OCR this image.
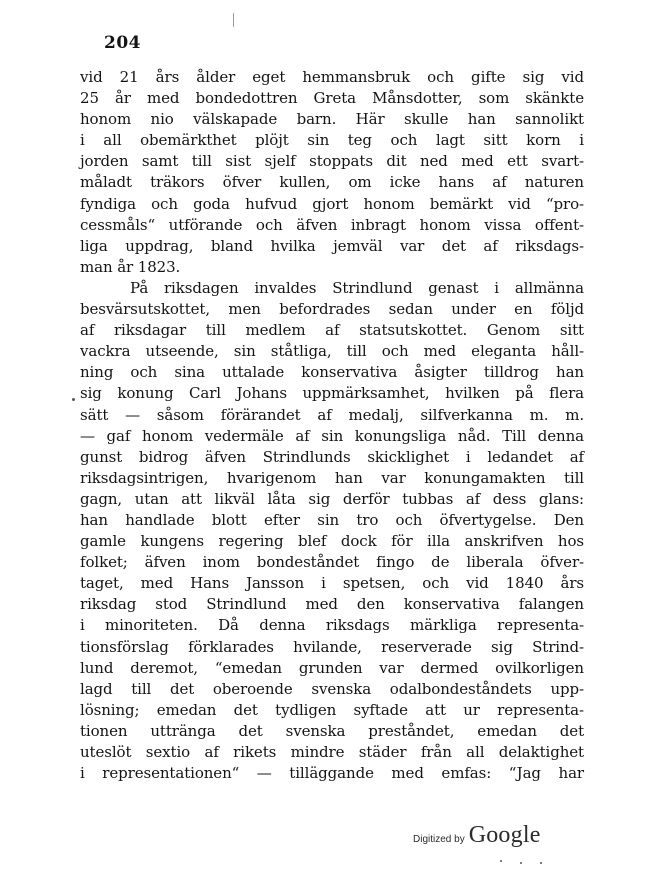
204
vid 21 års ålder eget hemmansbruk och gifte sig vid
25 år med bondedottren Greta Månsdotter, som skänkte
honom nio välskapade barn. Här skulle han sannolikt
i all obemärkthet plöjt sin teg och lagt sitt korn i
jorden samt till sist sjelf stoppats dit ned med ett svart-
måladt träkors öfver kullen, om icke hans af naturen
fyndiga och goda hufvud gjort honom bemärkt vid “pro-
cessmåls“ utförande och äfven inbragt honom vissa offent-
liga uppdrag, bland hvilka jemväl var det af riksdags-
man år 1823.
På riksdagen invaldes Strindlund genast i allmänna
besvärsutskottet, men befordrades sedan under en följd
af riksdagar till medlem af statsutskottet. Genom sitt
vackra utseende, sin ståtliga, till och med eleganta håll-
ning och sina uttalade konservativa åsigter tilldrog han
sig konung Carl Johans uppmärksamhet, hvilken på flera
sätt — såsom förärandet af medalj, silfverkanna m. m.
— gaf honom vedermäle af sin konungsliga nåd. Till denna
gunst bidrog äfven Strindlunds skicklighet i ledandet af
riksdagsintrigen, hvarigenom han var konungamakten till
gagn, utan att likväl låta sig derför tubbas af dess glans:
han handlade blott efter sin tro och öfvertygelse. Den
gamle kungens regering blef dock för illa anskrifven hos
folket; äfven inom bondeståndet fingo de liberala öfver-
taget, med Hans Jansson i spetsen, och vid 1840 års
riksdag stod Strindlund med den konservativa falangen
i minoriteten. Då denna riksdags märkliga representa-
tionsförslag förklarades hvilande, reserverade sig Strind-
lund deremot, “emedan grunden var dermed ovilkorligen
lagd till det oberoende svenska odalbondeståndets upp-
lösning; emedan det tydligen syftade att ur representa-
tionen uttränga det svenska preståndet, emedan det
uteslöt sextio af rikets mindre städer från all delaktighet
i representationen“ — tilläggande med emfas: “Jag har
Digitized by Google
